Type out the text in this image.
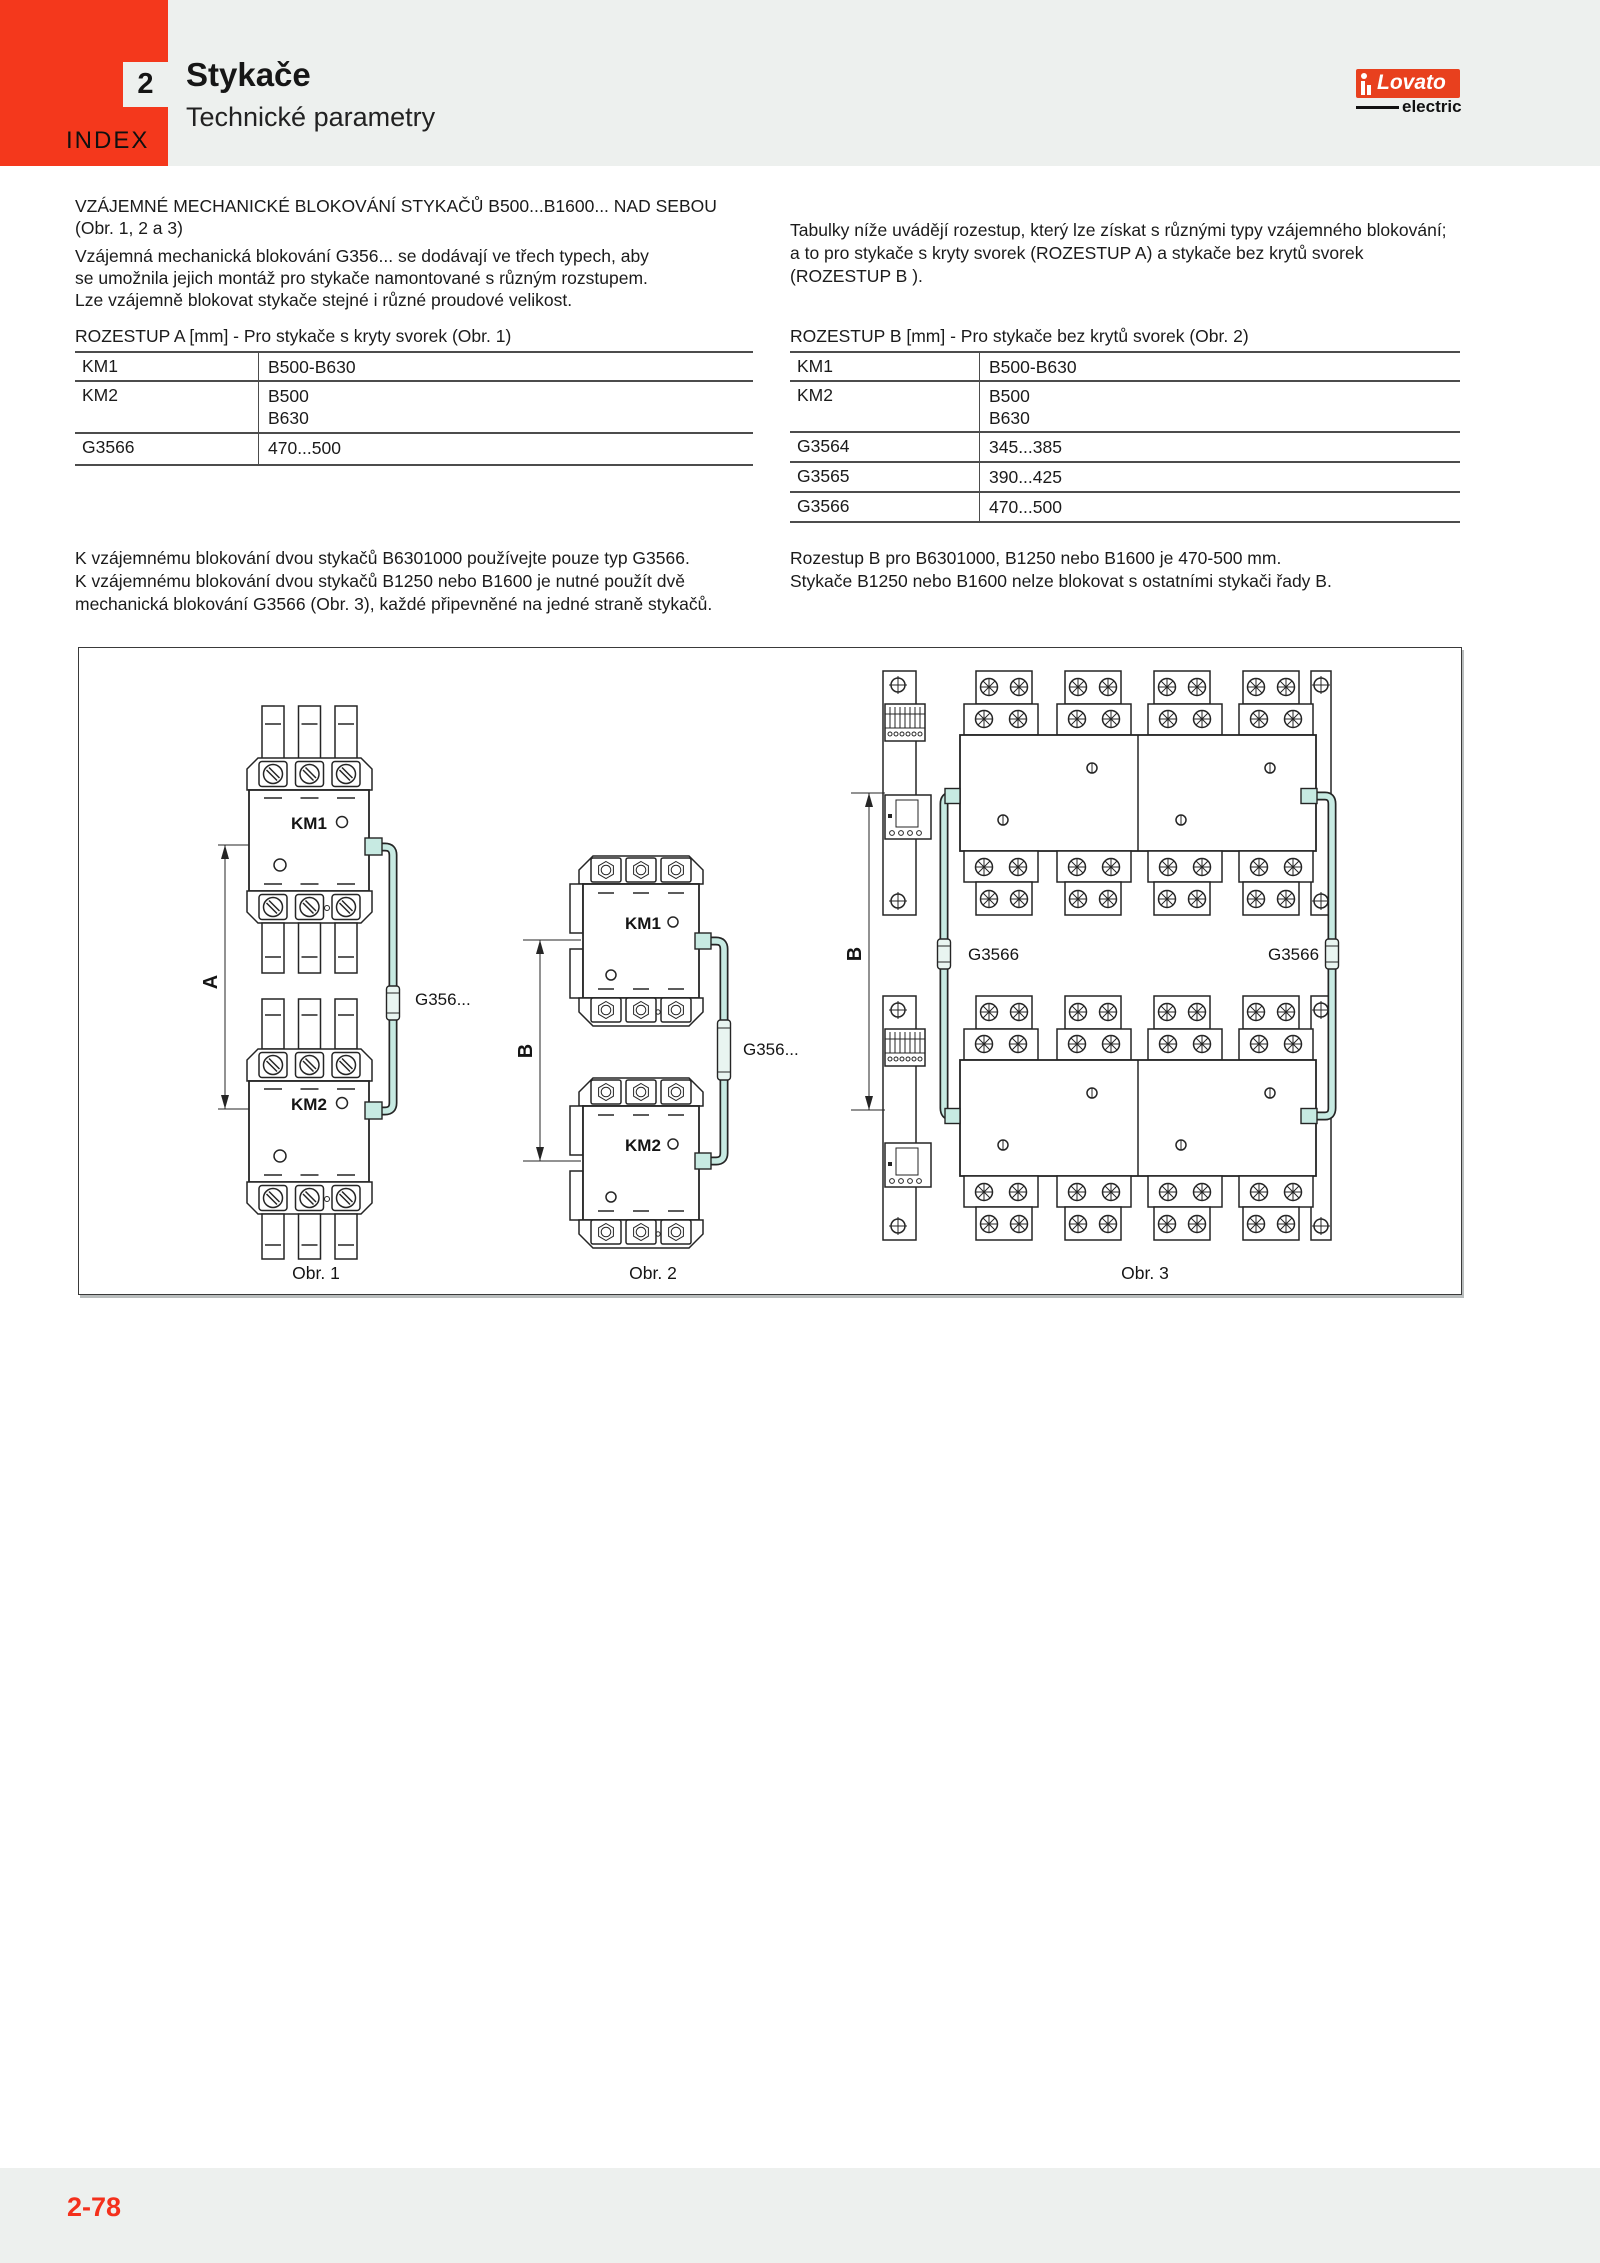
2
INDEX
Stykače
Technické parametry
Lovato
electric
VZÁJEMNÉ MECHANICKÉ BLOKOVÁNÍ STYKAČŮ B500...B1600... NAD SEBOU
(Obr. 1, 2 a 3)
Vzájemná mechanická blokování G356... se dodávají ve třech typech, aby
se umožnila jejich montáž pro stykače namontované s různým rozstupem.
Lze vzájemně blokovat stykače stejné i různé proudové velikost.
ROZESTUP A [mm] - Pro stykače s kryty svorek (Obr. 1)
KM1	B500-B630
KM2	B500
B630
G3566	470...500
K vzájemnému blokování dvou stykačů B6301000 používejte pouze typ G3566.
K vzájemnému blokování dvou stykačů B1250 nebo B1600 je nutné použít dvě
mechanická blokování G3566 (Obr. 3), každé připevněné na jedné straně stykačů.
Tabulky níže uvádějí rozestup, který lze získat s různými typy vzájemného blokování;
a to pro stykače s kryty svorek (ROZESTUP A) a stykače bez krytů svorek
(ROZESTUP B ).
ROZESTUP B [mm] - Pro stykače bez krytů svorek (Obr. 2)
KM1	B500-B630
KM2	B500
B630
G3564	345...385
G3565	390...425
G3566	470...500
Rozestup B pro B6301000, B1250 nebo B1600 je 470-500 mm.
Stykače B1250 nebo B1600 nelze blokovat s ostatními stykači řady B.
KM1
KM2
A
G356...
Obr. 1
KM1
KM2
B	G356...
Obr. 2
B	G3566	G3566
Obr. 3
2-78
